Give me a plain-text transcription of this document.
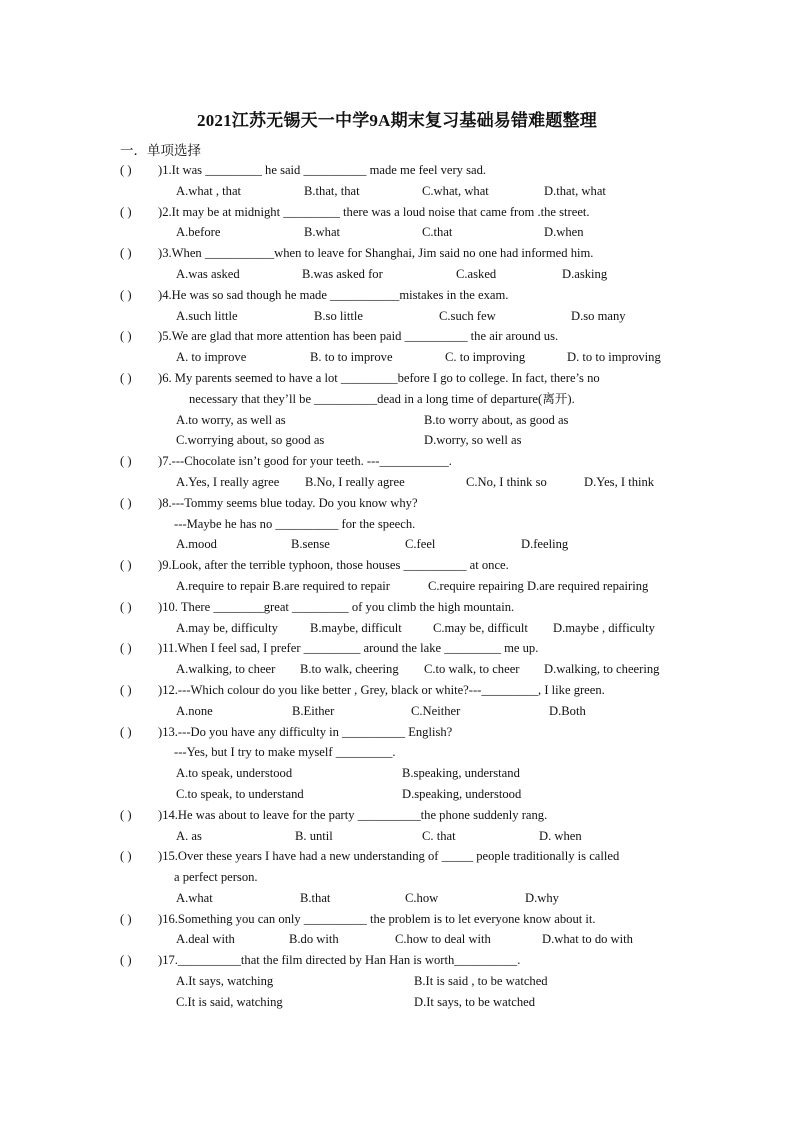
2021江苏无锡天一中学9A期末复习基础易错难题整理
一．单项选择
( ) )1.It was _________ he said __________ made me feel very sad.
A.what , that	B.that, that	C.what, what	D.that, what
( ) )2.It may be at midnight _________ there was a loud noise that came from .the street.
A.before	B.what	C.that	D.when
( ) )3.When ___________when to leave for Shanghai, Jim said no one had informed him.
A.was asked	B.was asked for	C.asked	D.asking
( ) )4.He was so sad though he made ___________mistakes in the exam.
A.such little	B.so little	C.such few	D.so many
( ) )5.We are glad that more attention has been paid __________ the air around us.
A. to improve	B. to to improve	C. to improving	D. to to improving
( ) )6. My parents seemed to have a lot _________before I go to college. In fact, there’s no
necessary that they’ll be __________dead in a long time of departure(离开).
A.to worry, as well as	B.to worry about, as good as
C.worrying about, so good as	D.worry, so well as
( ) )7.---Chocolate isn’t good for your teeth. ---___________.
A.Yes, I really agree B.No, I really agree	C.No, I think so	D.Yes, I think
( ) )8.---Tommy seems blue today. Do you know why?
---Maybe he has no __________ for the speech.
A.mood	B.sense	C.feel	D.feeling
( ) )9.Look, after the terrible typhoon, those houses __________ at once.
A.require to repair B.are required to repair	C.require repairing D.are required repairing
( ) )10. There ________great _________ of you climb the high mountain.
A.may be, difficulty	B.maybe, difficult C.may be, difficult D.maybe , difficulty
( ) )11.When I feel sad, I prefer _________ around the lake _________ me up.
A.walking, to cheer B.to walk, cheering C.to walk, to cheer D.walking, to cheering
( ) )12.---Which colour do you like better , Grey, black or white?---_________, I like green.
A.none	B.Either	C.Neither	D.Both
( ) )13.---Do you have any difficulty in __________ English?
---Yes, but I try to make myself _________.
A.to speak, understood	B.speaking, understand
C.to speak, to understand	D.speaking, understood
( ) )14.He was about to leave for the party __________the phone suddenly rang.
A. as	B. until	C. that	D. when
( ) )15.Over these years I have had a new understanding of _____ people traditionally is called
a perfect person.
A.what	B.that	C.how	D.why
( ) )16.Something you can only __________ the problem is to let everyone know about it.
A.deal with	B.do with	C.how to deal with	D.what to do with
( ) )17.__________that the film directed by Han Han is worth__________.
A.It says, watching	B.It is said , to be watched
C.It is said, watching	D.It says, to be watched
